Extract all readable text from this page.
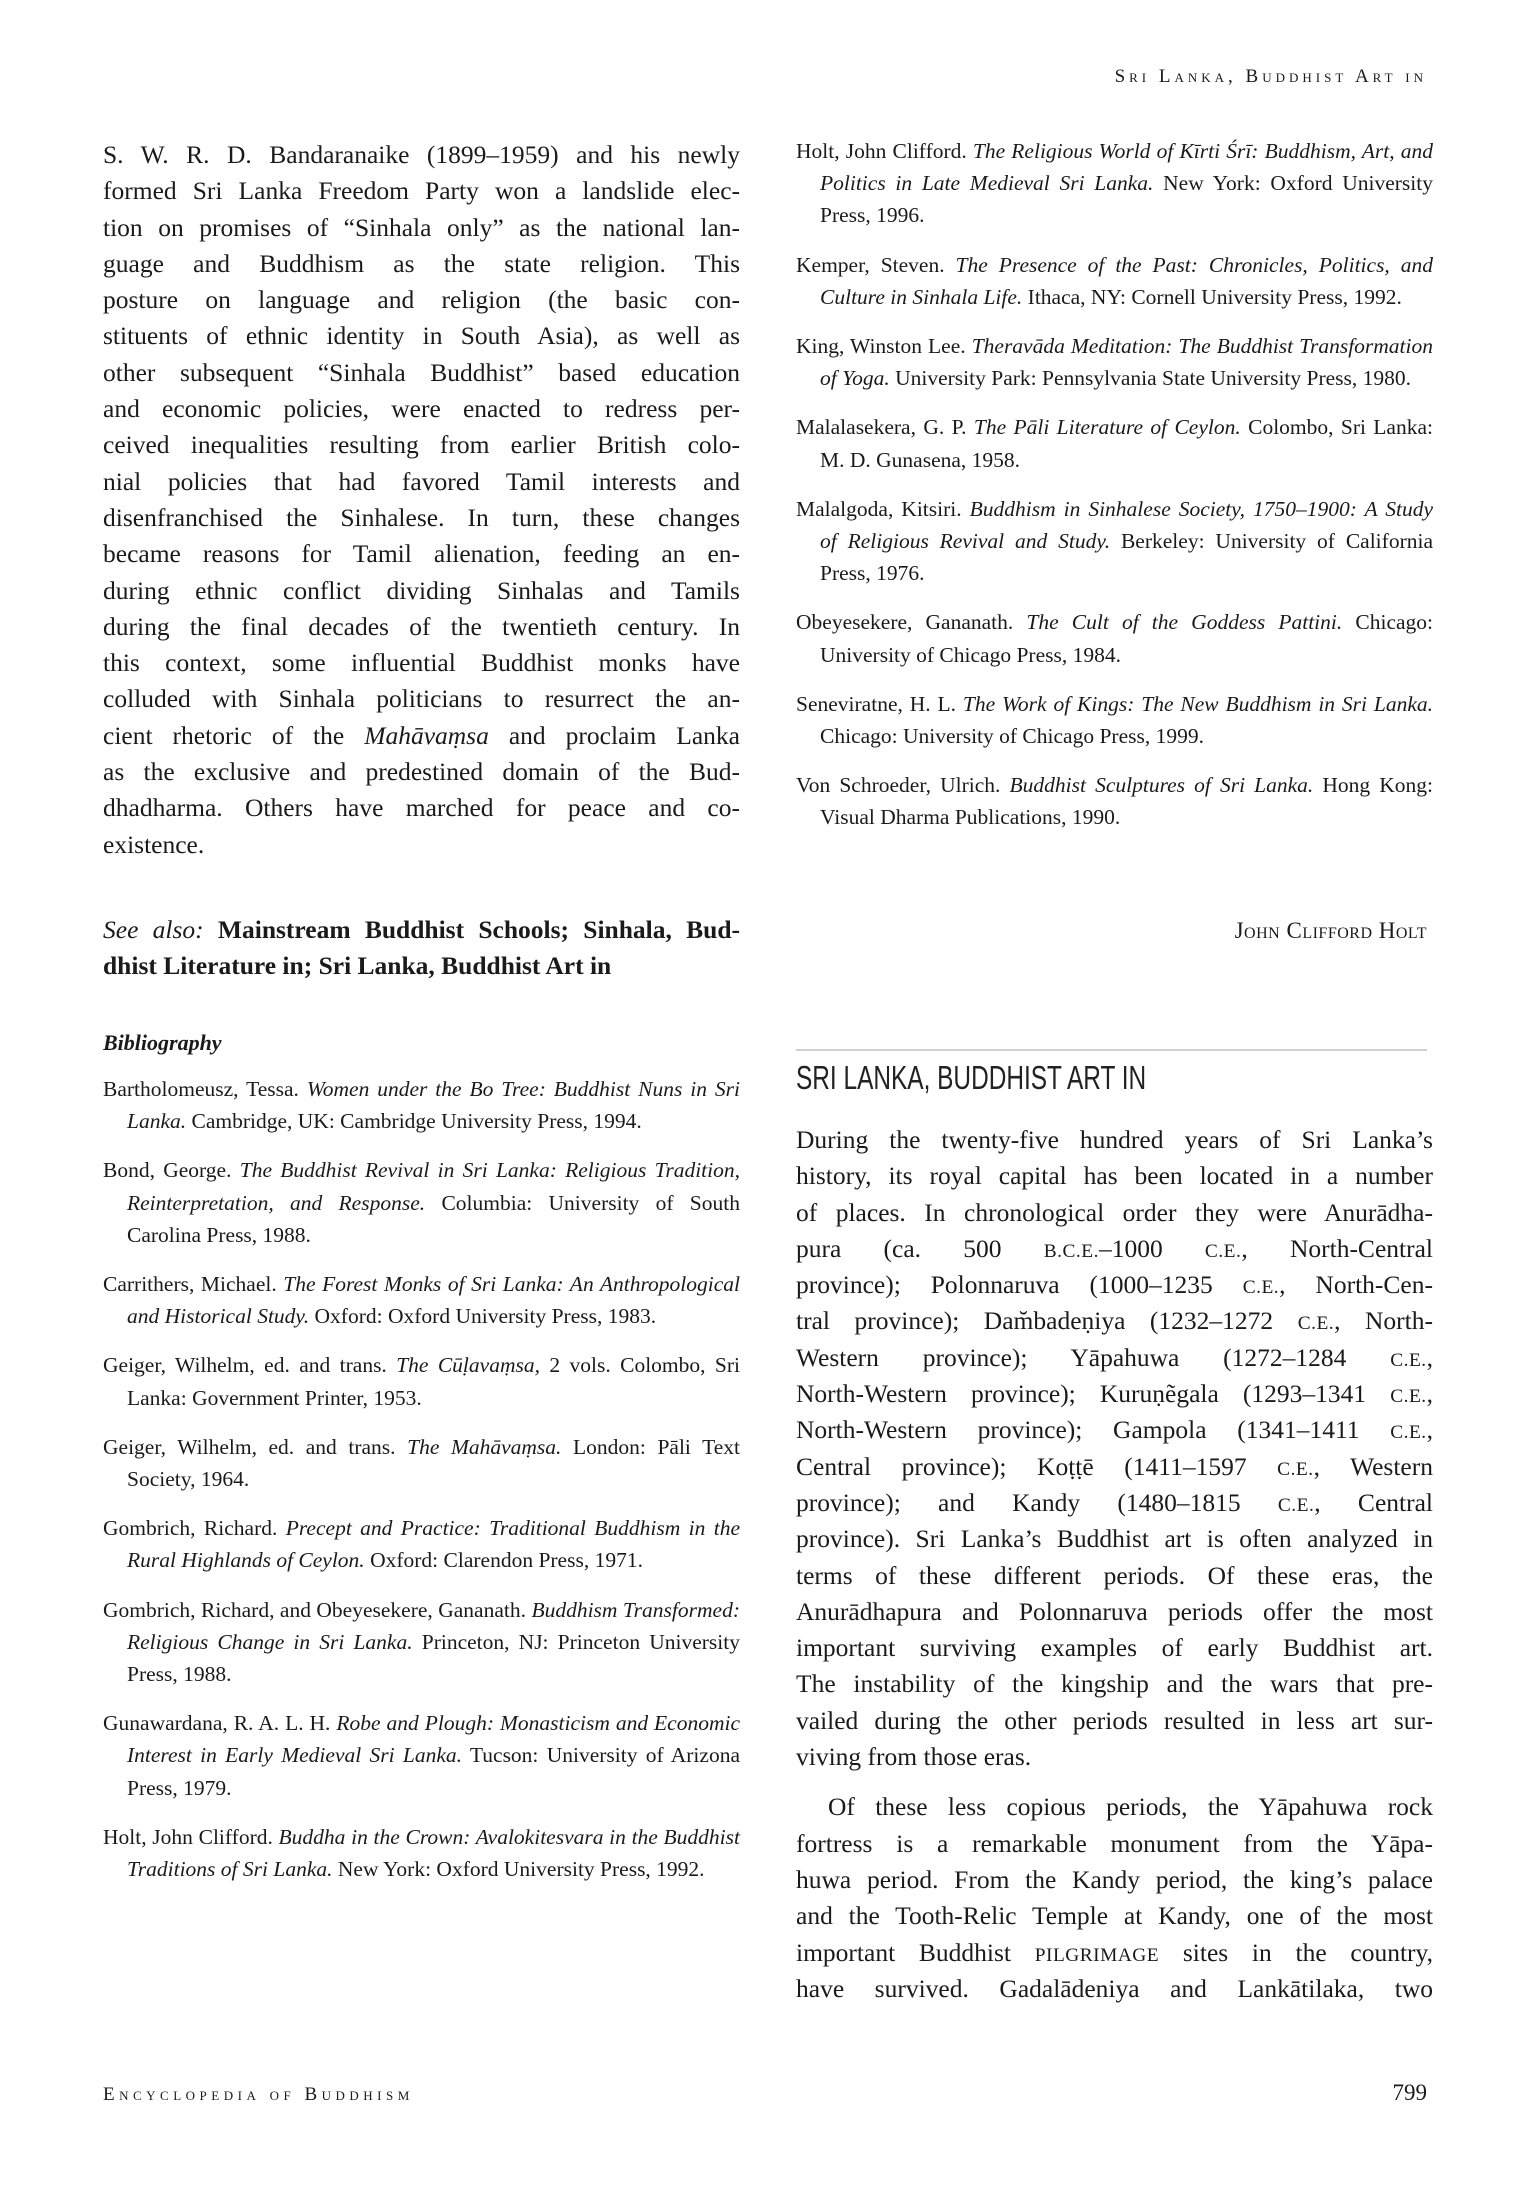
Sri Lanka, Buddhist Art in
S. W. R. D. Bandaranaike (1899–1959) and his newly
formed Sri Lanka Freedom Party won a landslide elec-
tion on promises of “Sinhala only” as the national lan-
guage and Buddhism as the state religion. This
posture on language and religion (the basic con-
stituents of ethnic identity in South Asia), as well as
other subsequent “Sinhala Buddhist” based education
and economic policies, were enacted to redress per-
ceived inequalities resulting from earlier British colo-
nial policies that had favored Tamil interests and
disenfranchised the Sinhalese. In turn, these changes
became reasons for Tamil alienation, feeding an en-
during ethnic conflict dividing Sinhalas and Tamils
during the final decades of the twentieth century. In
this context, some influential Buddhist monks have
colluded with Sinhala politicians to resurrect the an-
cient rhetoric of the Mahāvaṃsa and proclaim Lanka
as the exclusive and predestined domain of the Bud-
dhadharma. Others have marched for peace and co-
existence.
See also: Mainstream Buddhist Schools; Sinhala, Bud-
dhist Literature in; Sri Lanka, Buddhist Art in
Bibliography
Bartholomeusz, Tessa. Women under the Bo Tree: Buddhist Nuns in Sri Lanka. Cambridge, UK: Cambridge University Press, 1994.
Bond, George. The Buddhist Revival in Sri Lanka: Religious Tradition, Reinterpretation, and Response. Columbia: University of South Carolina Press, 1988.
Carrithers, Michael. The Forest Monks of Sri Lanka: An Anthropological and Historical Study. Oxford: Oxford University Press, 1983.
Geiger, Wilhelm, ed. and trans. The Cūḷavaṃsa, 2 vols. Colombo, Sri Lanka: Government Printer, 1953.
Geiger, Wilhelm, ed. and trans. The Mahāvaṃsa. London: Pāli Text Society, 1964.
Gombrich, Richard. Precept and Practice: Traditional Buddhism in the Rural Highlands of Ceylon. Oxford: Clarendon Press, 1971.
Gombrich, Richard, and Obeyesekere, Gananath. Buddhism Transformed: Religious Change in Sri Lanka. Princeton, NJ: Princeton University Press, 1988.
Gunawardana, R. A. L. H. Robe and Plough: Monasticism and Economic Interest in Early Medieval Sri Lanka. Tucson: University of Arizona Press, 1979.
Holt, John Clifford. Buddha in the Crown: Avalokitesvara in the Buddhist Traditions of Sri Lanka. New York: Oxford University Press, 1992.
Holt, John Clifford. The Religious World of Kīrti Śrī: Buddhism, Art, and Politics in Late Medieval Sri Lanka. New York: Oxford University Press, 1996.
Kemper, Steven. The Presence of the Past: Chronicles, Politics, and Culture in Sinhala Life. Ithaca, NY: Cornell University Press, 1992.
King, Winston Lee. Theravāda Meditation: The Buddhist Transformation of Yoga. University Park: Pennsylvania State University Press, 1980.
Malalasekera, G. P. The Pāli Literature of Ceylon. Colombo, Sri Lanka: M. D. Gunasena, 1958.
Malalgoda, Kitsiri. Buddhism in Sinhalese Society, 1750–1900: A Study of Religious Revival and Study. Berkeley: University of California Press, 1976.
Obeyesekere, Gananath. The Cult of the Goddess Pattini. Chicago: University of Chicago Press, 1984.
Seneviratne, H. L. The Work of Kings: The New Buddhism in Sri Lanka. Chicago: University of Chicago Press, 1999.
Von Schroeder, Ulrich. Buddhist Sculptures of Sri Lanka. Hong Kong: Visual Dharma Publications, 1990.
John Clifford Holt
SRI LANKA, BUDDHIST ART IN
During the twenty-five hundred years of Sri Lanka’s
history, its royal capital has been located in a number
of places. In chronological order they were Anurādha-
pura (ca. 500 B.C.E.–1000 C.E., North-Central
province); Polonnaruva (1000–1235 C.E., North-Cen-
tral province); Dam̆badeṇiya (1232–1272 C.E., North-
Western province); Yāpahuwa (1272–1284 C.E.,
North-Western province); Kuruṇẽgala (1293–1341 C.E.,
North-Western province); Gampola (1341–1411 C.E.,
Central province); Koṭṭē (1411–1597 C.E., Western
province); and Kandy (1480–1815 C.E., Central
province). Sri Lanka’s Buddhist art is often analyzed in
terms of these different periods. Of these eras, the
Anurādhapura and Polonnaruva periods offer the most
important surviving examples of early Buddhist art.
The instability of the kingship and the wars that pre-
vailed during the other periods resulted in less art sur-
viving from those eras.
Of these less copious periods, the Yāpahuwa rock
fortress is a remarkable monument from the Yāpa-
huwa period. From the Kandy period, the king’s palace
and the Tooth-Relic Temple at Kandy, one of the most
important Buddhist PILGRIMAGE sites in the country,
have survived. Gadalādeniya and Lankātilaka, two
Encyclopedia of Buddhism	799
